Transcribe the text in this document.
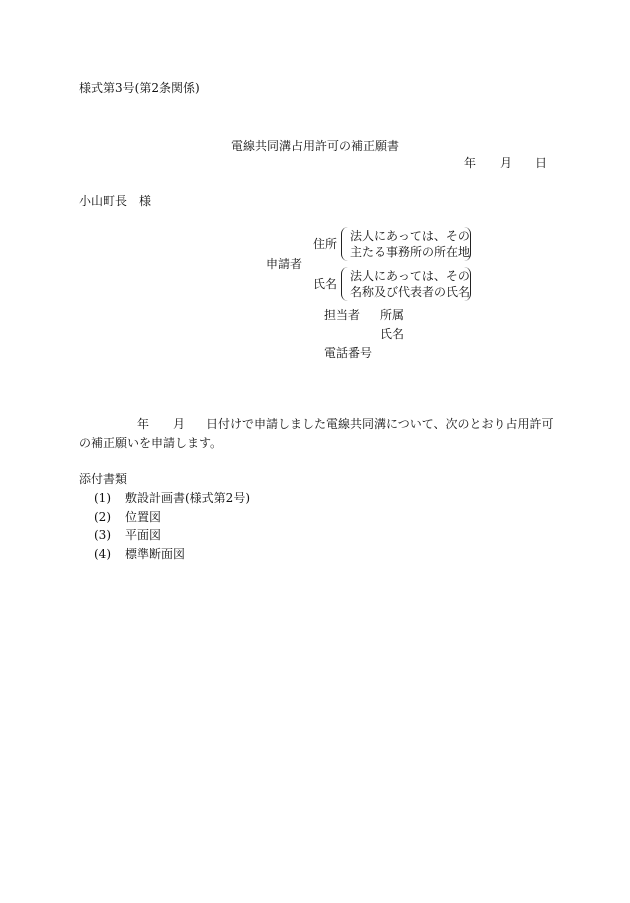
様式第3号(第2条関係)
電線共同溝占用許可の補正願書
年 月 日
小山町長　様
申請者
住所
法人にあっては、その
主たる事務所の所在地
氏名
法人にあっては、その
名称及び代表者の氏名
担当者 所属
氏名
電話番号
年 月 日付けで申請しました電線共同溝について、次のとおり占用許可
の補正願いを申請します。
添付書類
(1) 敷設計画書(様式第2号)
(2) 位置図
(3) 平面図
(4) 標準断面図
